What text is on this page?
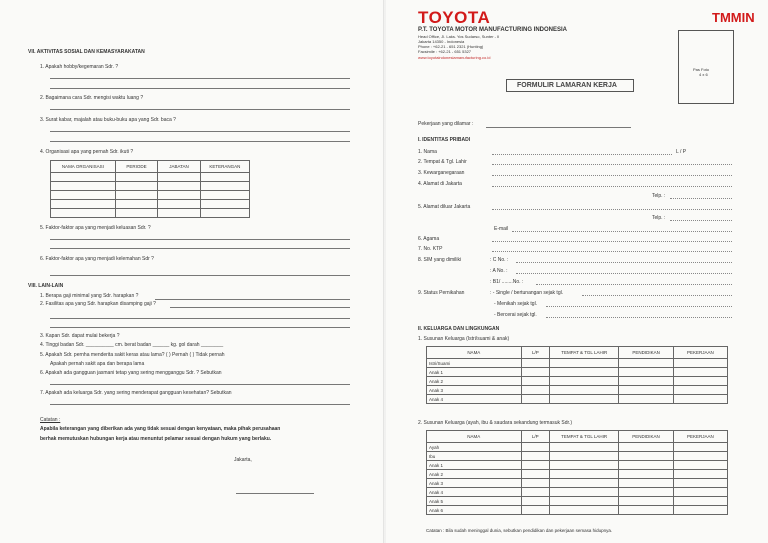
VII. AKTIVITAS SOSIAL DAN KEMASYARAKATAN
1. Apakah hobby/kegemaran Sdr. ?
2. Bagaimana cara Sdr. mengisi waktu luang ?
3. Surat kabar, majalah atau buku-buku apa yang Sdr. baca ?
4. Organisasi apa yang pernah Sdr. ikuti ?
NAMA ORGANISASI	PERIODE	JABATAN	KETERANGAN

5. Faktor-faktor apa yang menjadi keluasan Sdr. ?
6. Faktor-faktor apa yang menjadi kelemahan Sdr ?
VIII. LAIN-LAIN
1. Berapa gaji minimal yang Sdr. harapkan ?
2. Fasilitas apa yang Sdr. harapkan disamping gaji ?
3. Kapan Sdr. dapat mulai bekerja ?
4. Tinggi badan Sdr. __________ cm. berat badan ______ kg. gol darah ________
5. Apakah Sdr. pernha menderita sakit keras atau lama? ( ) Pernah ( ) Tidak pernah
Apakah pernah sakit apa dan berapa lama
6. Apakah ada gangguan jasmani tetap yang sering mengganggu Sdr. ? Sebutkan
7. Apakah ada keluarga Sdr. yang sering menderapat gangguan kesehatan? Sebutkan
Catatan :
Apabila keterangan yang diberikan ada yang tidak sesuai dengan kenyataan, maka pihak perusahaan
berhak memutuskan hubungan kerja atau menuntut pelamar sesuai dengan hukum yang berlaku.
Jakarta,
TOYOTA	TMMIN
P.T. TOYOTA MOTOR MANUFACTURING INDONESIA
Head Office, Jl. Laks. Yos Sudarso, Sunter - II
Jakarta 14350 - Indonesia
Phone : +62-21 - 651 2321 (Hunting)
Facsimile : +62-21 - 651 5327
www.toyotaindonesiamanufacturing.co.id
Pas Foto
4 x 6
FORMULIR LAMARAN KERJA
Pekerjaan yang dilamar :
I. IDENTITAS PRIBADI
1. Nama	L / P
2. Tempat & Tgl. Lahir
3. Kewarganegaraan
4. Alamat di Jakarta
Telp. :
5. Alamat diluar Jakarta
Telp. :
E-mail
6. Agama
7. No. KTP
8. SIM yang dimiliki	: C No. :
: A No. :
: B1/ ........No. :
9. Status Pernikahan	: - Single / bertunangan sejak tgl.
- Menikah sejak tgl.
- Bercerai sejak tgl.
II. KELUARGA DAN LINGKUNGAN
1. Susunan Keluarga (Istri/suami & anak)
NAMA	L/P	TEMPAT & TGL LAHIR	PENDIDIKAN	PEKERJAAN
Istri/Suami				
Anak 1				
Anak 2				
Anak 3				
Anak 4				
2. Susunan Keluarga (ayah, ibu & saudara sekandung termasuk Sdr.)
NAMA	L/P	TEMPAT & TGL LAHIR	PENDIDIKAN	PEKERJAAN
Ayah				
Ibu				
Anak 1				
Anak 2				
Anak 3				
Anak 4				
Anak 5				
Anak 6				
Catatan : Bila sudah meninggal dunia, sebutkan pendidikan dan pekerjaan semasa hidupnya.
